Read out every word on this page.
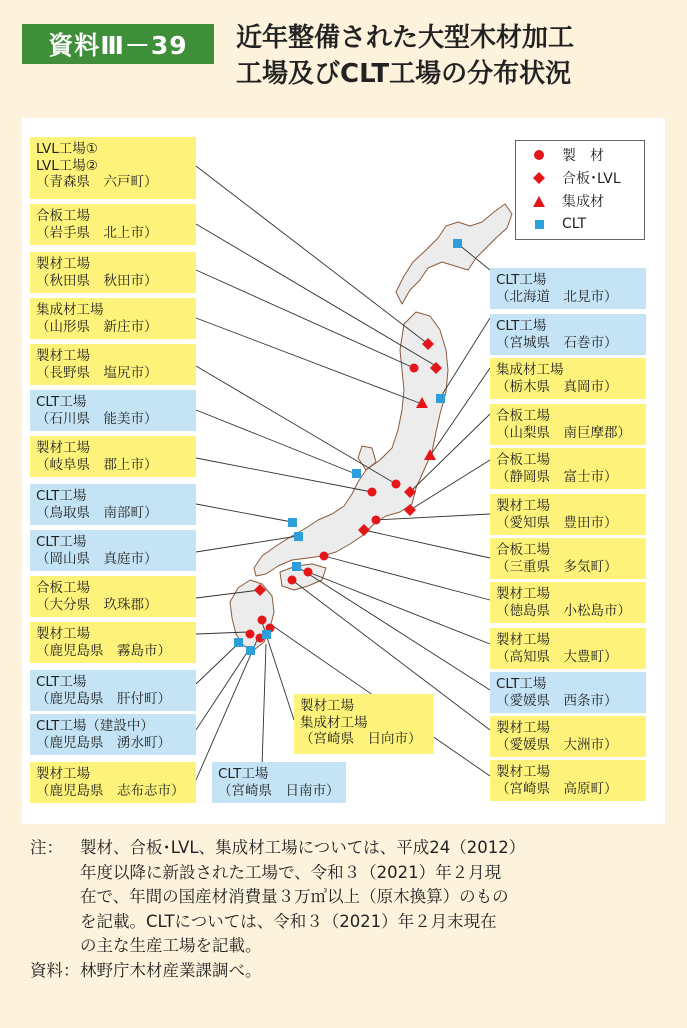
資料Ⅲ－39	近年整備された大型木材加工
工場及びCLT工場の分布状況
LVL工場①
LVL工場②
（青森県　六戸町）
合板工場
（岩手県　北上市）
製材工場
（秋田県　秋田市）
集成材工場
（山形県　新庄市）
製材工場
（長野県　塩尻市）
CLT工場
（石川県　能美市）
製材工場
（岐阜県　郡上市）
CLT工場
（鳥取県　南部町）
CLT工場
（岡山県　真庭市）
合板工場
（大分県　玖珠郡）
製材工場
（鹿児島県　霧島市）
CLT工場
（鹿児島県　肝付町）
CLT工場（建設中）
（鹿児島県　湧水町）
製材工場
（鹿児島県　志布志市）
CLT工場
（北海道　北見市）
CLT工場
（宮城県　石巻市）
集成材工場
（栃木県　真岡市）
合板工場
（山梨県　南巨摩郡）
合板工場
（静岡県　富士市）
製材工場
（愛知県　豊田市）
合板工場
（三重県　多気町）
製材工場
（徳島県　小松島市）
製材工場
（高知県　大豊町）
CLT工場
（愛媛県　西条市）
製材工場
（愛媛県　大洲市）
製材工場
（宮崎県　高原町）
製材工場
集成材工場
（宮崎県　日向市）
CLT工場
（宮崎県　日南市）
製　材
合板･LVL
集成材
CLT
注：	製材、合板･LVL、集成材工場については、平成24（2012）
年度以降に新設された工場で、令和３（2021）年２月現
在で、年間の国産材消費量３万㎥以上（原木換算）のもの
を記載。CLTについては、令和３（2021）年２月末現在
の主な生産工場を記載。
資料： 林野庁木材産業課調べ。
